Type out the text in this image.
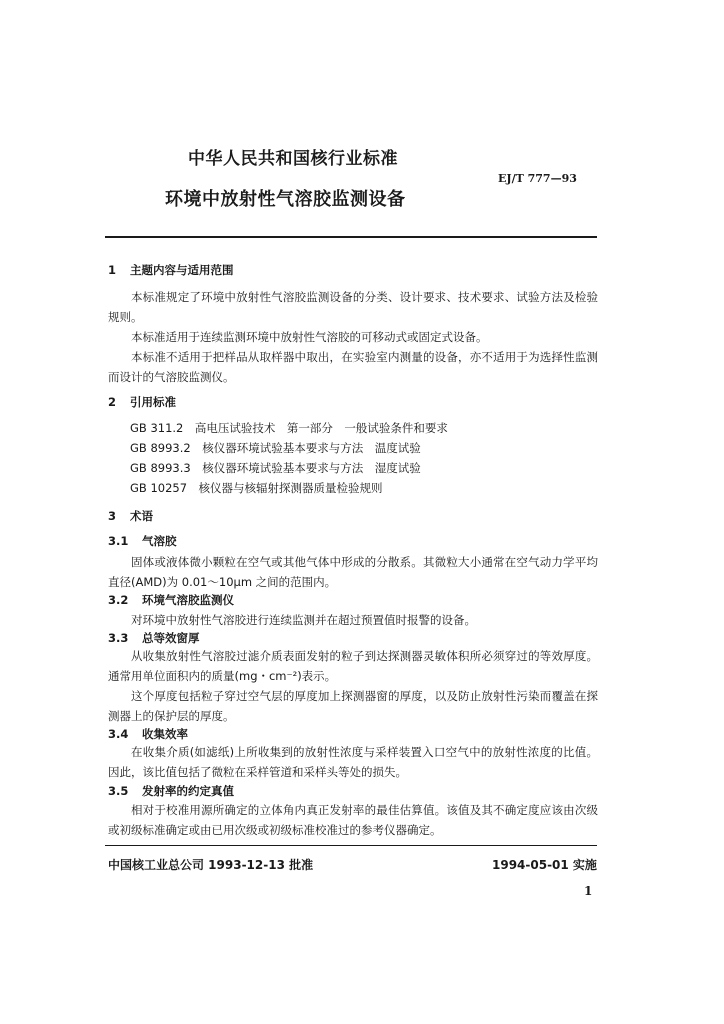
中华人民共和国核行业标准
环境中放射性气溶胶监测设备
EJ/T 777—93
1 主题内容与适用范围

本标准规定了环境中放射性气溶胶监测设备的分类、设计要求、技术要求、试验方法及检验规则。

本标准适用于连续监测环境中放射性气溶胶的可移动式或固定式设备。

本标准不适用于把样品从取样器中取出，在实验室内测量的设备，亦不适用于为选择性监测而设计的气溶胶监测仪。

2 引用标准
GB 311.2　高电压试验技术　第一部分　一般试验条件和要求
GB 8993.2　核仪器环境试验基本要求与方法　温度试验
GB 8993.3　核仪器环境试验基本要求与方法　湿度试验
GB 10257　核仪器与核辐射探测器质量检验规则
3 术语
3.1 气溶胶

固体或液体微小颗粒在空气或其他气体中形成的分散系。其微粒大小通常在空气动力学平均直径(AMD)为 0.01～10μm 之间的范围内。

3.2 环境气溶胶监测仪

对环境中放射性气溶胶进行连续监测并在超过预置值时报警的设备。

3.3 总等效窗厚

从收集放射性气溶胶过滤介质表面发射的粒子到达探测器灵敏体积所必须穿过的等效厚度。通常用单位面积内的质量(mg・cm⁻²)表示。

这个厚度包括粒子穿过空气层的厚度加上探测器窗的厚度，以及防止放射性污染而覆盖在探测器上的保护层的厚度。

3.4 收集效率

在收集介质(如滤纸)上所收集到的放射性浓度与采样装置入口空气中的放射性浓度的比值。因此，该比值包括了微粒在采样管道和采样头等处的损失。

3.5 发射率的约定真值

相对于校准用源所确定的立体角内真正发射率的最佳估算值。该值及其不确定度应该由次级或初级标准确定或由已用次级或初级标准校准过的参考仪器确定。

中国核工业总公司 1993-12-13 批准	1994-05-01 实施
1
